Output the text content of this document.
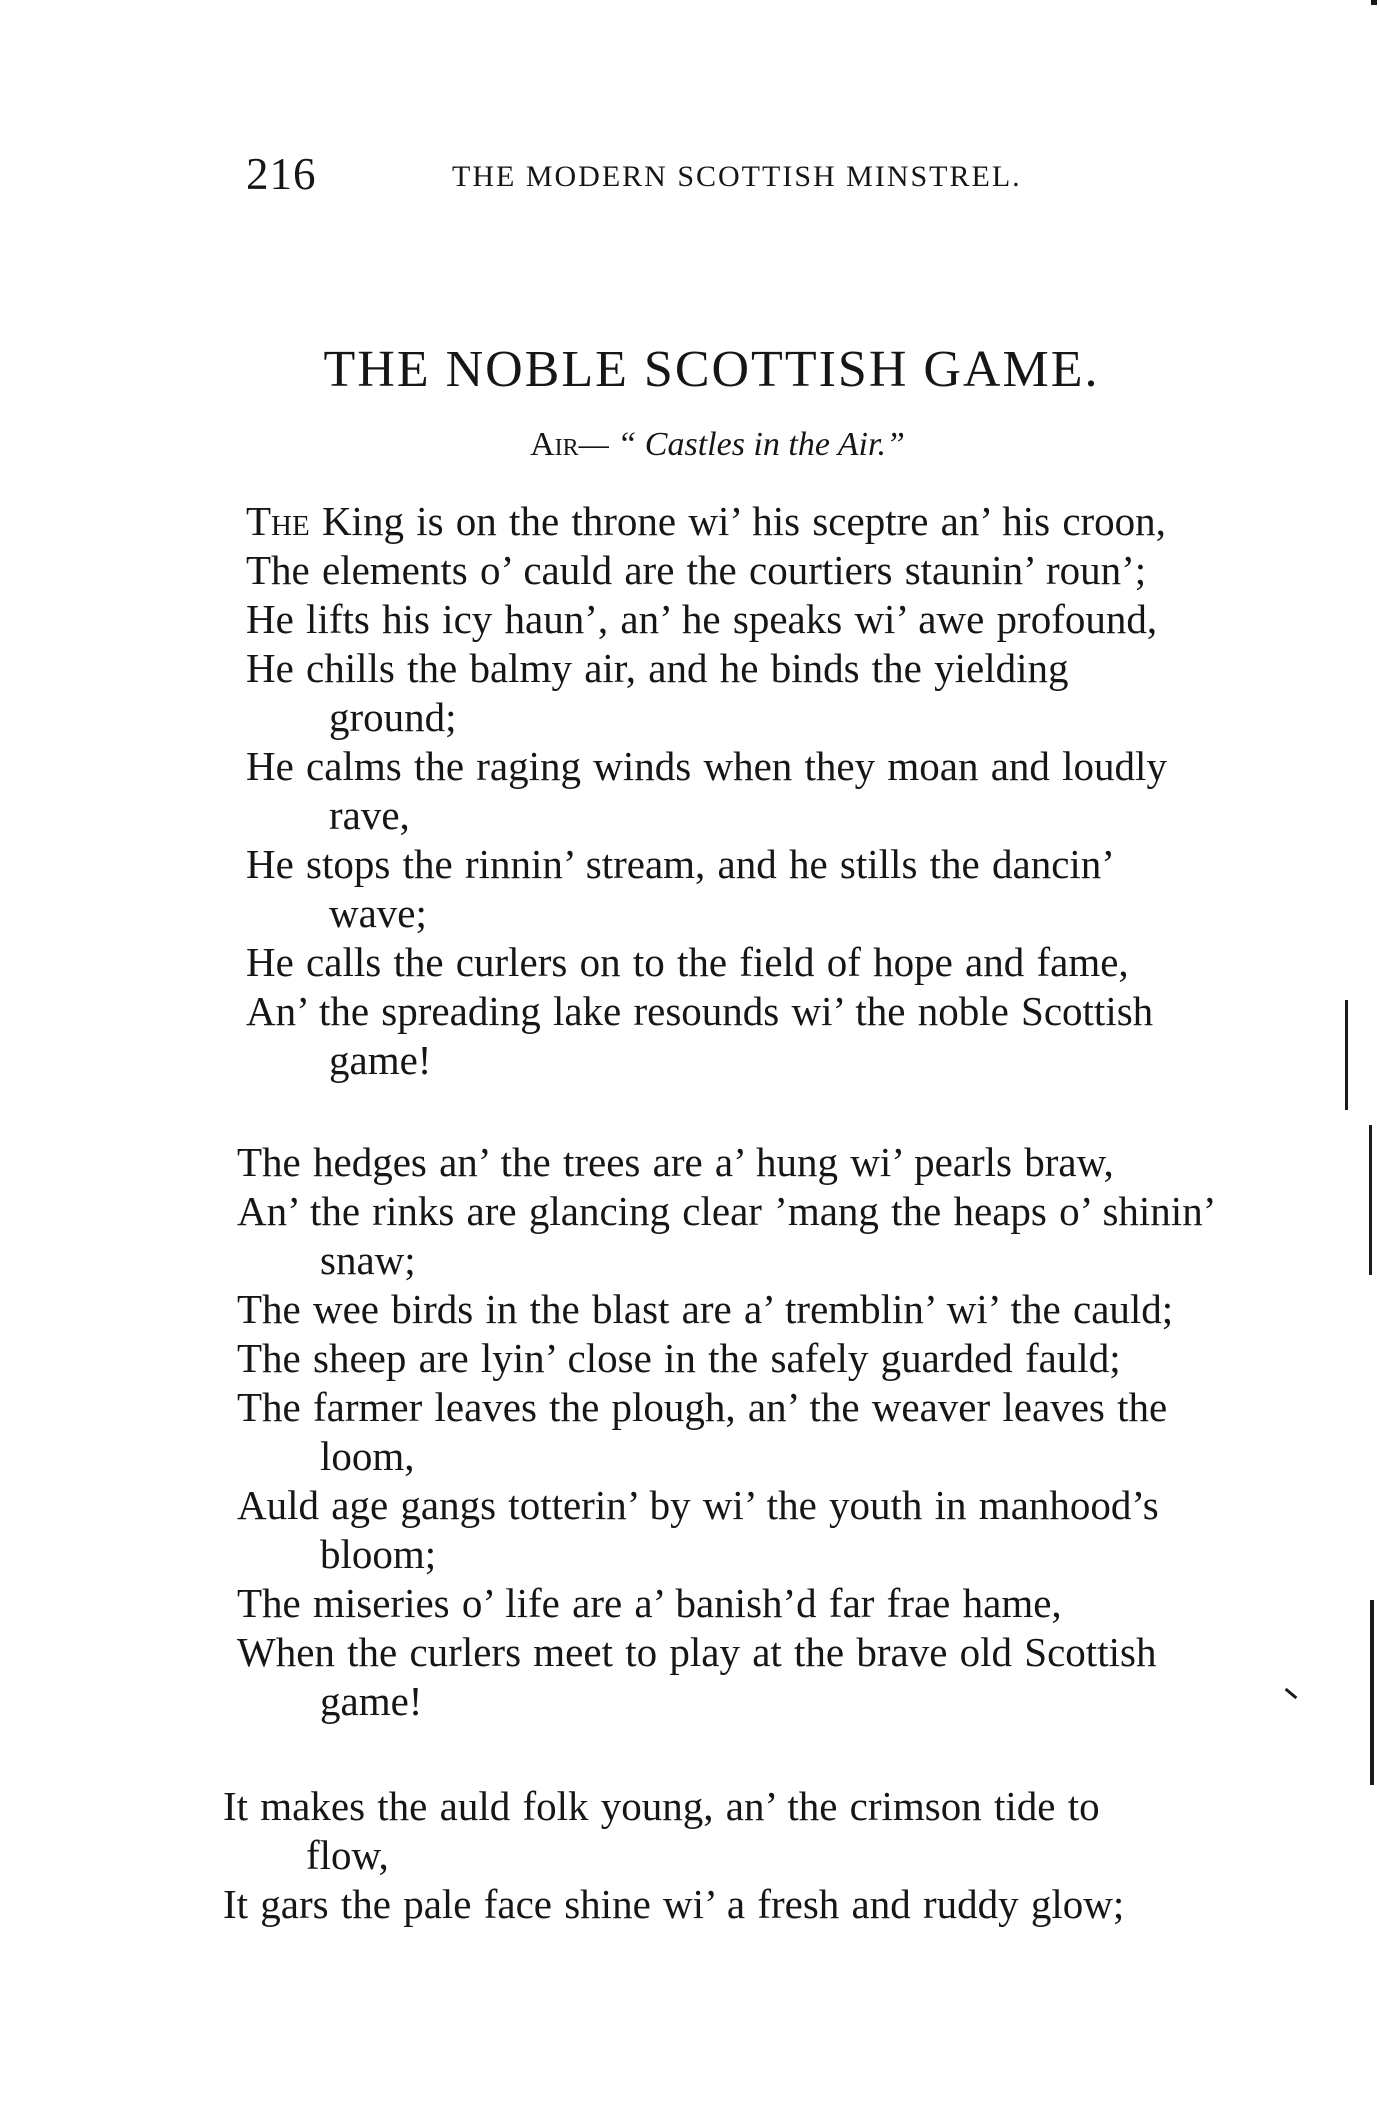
216	THE MODERN SCOTTISH MINSTREL.
THE NOBLE SCOTTISH GAME.
Air— “ Castles in the Air.”
The King is on the throne wi’ his sceptre an’ his croon,
The elements o’ cauld are the courtiers staunin’ roun’;
He lifts his icy haun’, an’ he speaks wi’ awe profound,
He chills the balmy air, and he binds the yielding
ground;
He calms the raging winds when they moan and loudly
rave,
He stops the rinnin’ stream, and he stills the dancin’
wave;
He calls the curlers on to the field of hope and fame,
An’ the spreading lake resounds wi’ the noble Scottish
game!
The hedges an’ the trees are a’ hung wi’ pearls braw,
An’ the rinks are glancing clear ’mang the heaps o’ shinin’
snaw;
The wee birds in the blast are a’ tremblin’ wi’ the cauld;
The sheep are lyin’ close in the safely guarded fauld;
The farmer leaves the plough, an’ the weaver leaves the
loom,
Auld age gangs totterin’ by wi’ the youth in manhood’s
bloom;
The miseries o’ life are a’ banish’d far frae hame,
When the curlers meet to play at the brave old Scottish
game!
It makes the auld folk young, an’ the crimson tide to
flow,
It gars the pale face shine wi’ a fresh and ruddy glow;
